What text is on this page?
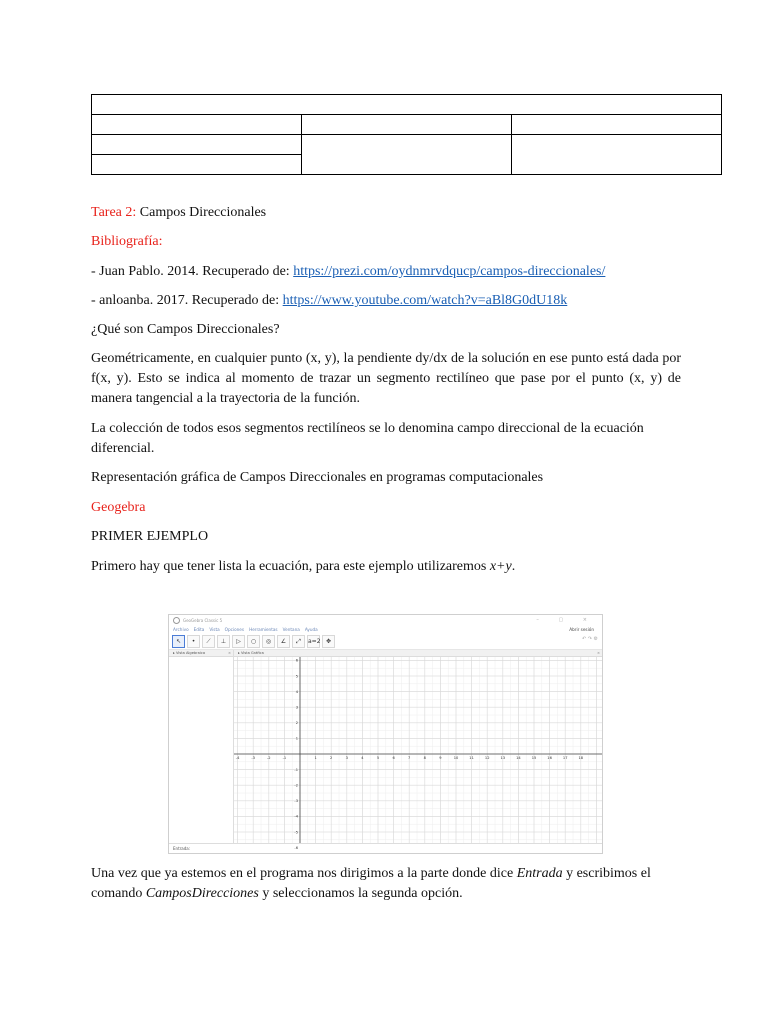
Tarea 2: Campos Direccionales

Bibliografía:

- Juan Pablo. 2014. Recuperado de: https://prezi.com/oydnmrvdqucp/campos-direccionales/

- anloanba. 2017. Recuperado de: https://www.youtube.com/watch?v=aBl8G0dU18k

¿Qué son Campos Direccionales?

Geométricamente, en cualquier punto (x, y), la pendiente dy/dx de la solución en ese punto está dada por f(x, y). Esto se indica al momento de trazar un segmento rectilíneo que pase por el punto (x, y) de manera tangencial a la trayectoria de la función.

La colección de todos esos segmentos rectilíneos se lo denomina campo direccional de la ecuación diferencial.

Representación gráfica de Campos Direccionales en programas computacionales

Geogebra

PRIMER EJEMPLO

Primero hay que tener lista la ecuación, para este ejemplo utilizaremos x+y.

GeoGebra Classic 5	– ▢ ×
Archivo Edita Vista Opciones Herramientas Ventana Ayuda	Abrir sesión
↖	•	⟋	⊥	▷	○	◎	∠	⤢	a=2 ✥	↶ ↷ ⚙
▸ Vista Algebraica	×	▸ Vista Gráfica	×
-4	-3	-2	-1	1	2	3	4	5	6	7	8	9	10	11	12	13	14	15	16	17	18
6
5
4
3
2
1
-1
-2
-3
-4
-5
-6
Entrada:

Una vez que ya estemos en el programa nos dirigimos a la parte donde dice Entrada y escribimos el comando CamposDirecciones y seleccionamos la segunda opción.
